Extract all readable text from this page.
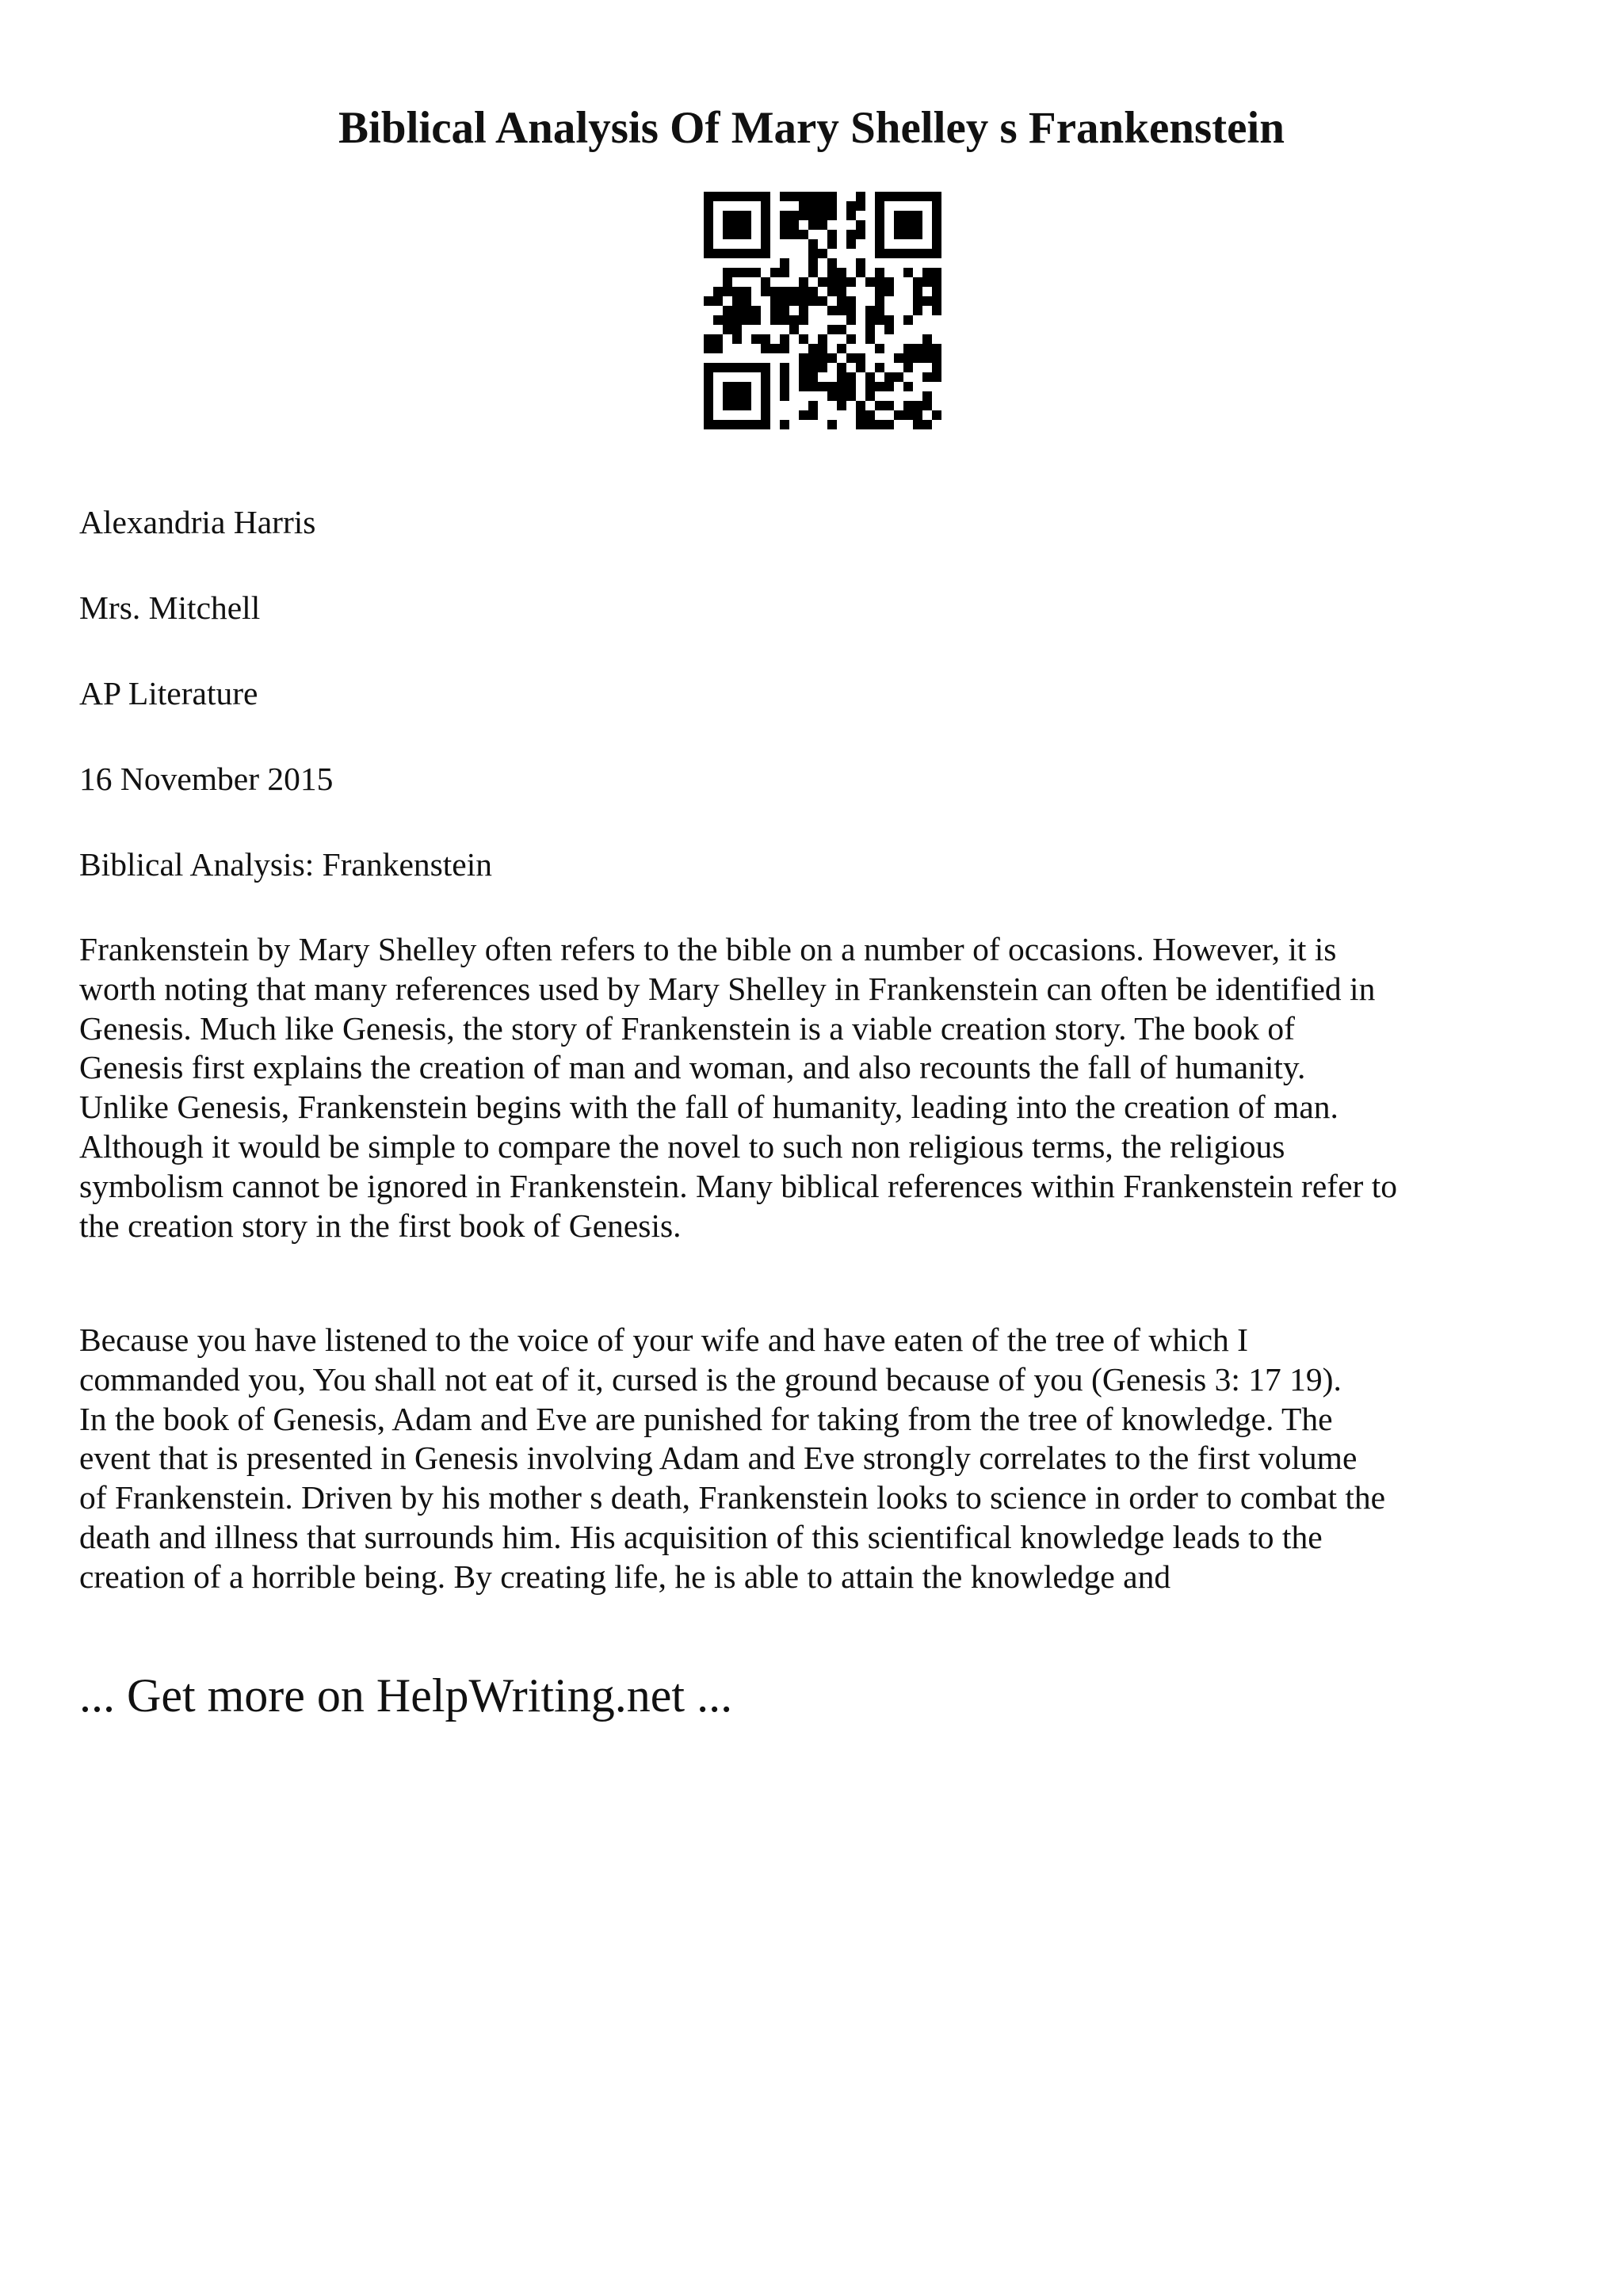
Biblical Analysis Of Mary Shelley s Frankenstein

Alexandria Harris

Mrs. Mitchell

AP Literature

16 November 2015

Biblical Analysis: Frankenstein

Frankenstein by Mary Shelley often refers to the bible on a number of occasions. However, it is
worth noting that many references used by Mary Shelley in Frankenstein can often be identified in
Genesis. Much like Genesis, the story of Frankenstein is a viable creation story. The book of
Genesis first explains the creation of man and woman, and also recounts the fall of humanity.
Unlike Genesis, Frankenstein begins with the fall of humanity, leading into the creation of man.
Although it would be simple to compare the novel to such non religious terms, the religious
symbolism cannot be ignored in Frankenstein. Many biblical references within Frankenstein refer to
the creation story in the first book of Genesis.
Because you have listened to the voice of your wife and have eaten of the tree of which I
commanded you, You shall not eat of it, cursed is the ground because of you (Genesis 3: 17 19).
In the book of Genesis, Adam and Eve are punished for taking from the tree of knowledge. The
event that is presented in Genesis involving Adam and Eve strongly correlates to the first volume
of Frankenstein. Driven by his mother s death, Frankenstein looks to science in order to combat the
death and illness that surrounds him. His acquisition of this scientifical knowledge leads to the
creation of a horrible being. By creating life, he is able to attain the knowledge and

... Get more on HelpWriting.net ...
